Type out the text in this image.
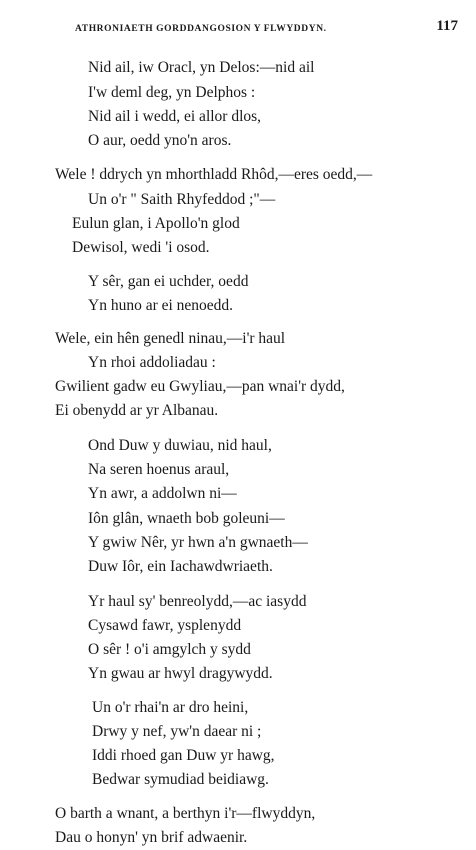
ATHRONIAETH GORDDANGOSION Y FLWYDDYN.	117
Nid ail, iw Oracl, yn Delos:—nid ail
I'w deml deg, yn Delphos :
Nid ail i wedd, ei allor dlos,
O aur, oedd yno'n aros.
Wele ! ddrych yn mhorthladd Rhôd,—eres oedd,—
Un o'r " Saith Rhyfeddod ;"—
Eulun glan, i Apollo'n glod
Dewisol, wedi 'i osod.
Y sêr, gan ei uchder, oedd
Yn huno ar ei nenoedd.
Wele, ein hên genedl ninau,—i'r haul
Yn rhoi addoliadau :
Gwilient gadw eu Gwyliau,—pan wnai'r dydd,
Ei obenydd ar yr Albanau.
Ond Duw y duwiau, nid haul,
Na seren hoenus araul,
Yn awr, a addolwn ni—
Iôn glân, wnaeth bob goleuni—
Y gwiw Nêr, yr hwn a'n gwnaeth—
Duw Iôr, ein Iachawdwriaeth.
Yr haul sy' benreolydd,—ac iasydd
Cysawd fawr, ysplenydd
O sêr ! o'i amgylch y sydd
Yn gwau ar hwyl dragywydd.
Un o'r rhai'n ar dro heini,
Drwy y nef, yw'n daear ni ;
Iddi rhoed gan Duw yr hawg,
Bedwar symudiad beidiawg.
O barth a wnant, a berthyn i'r—flwyddyn,
Dau o honyn' yn brif adwaenir.
